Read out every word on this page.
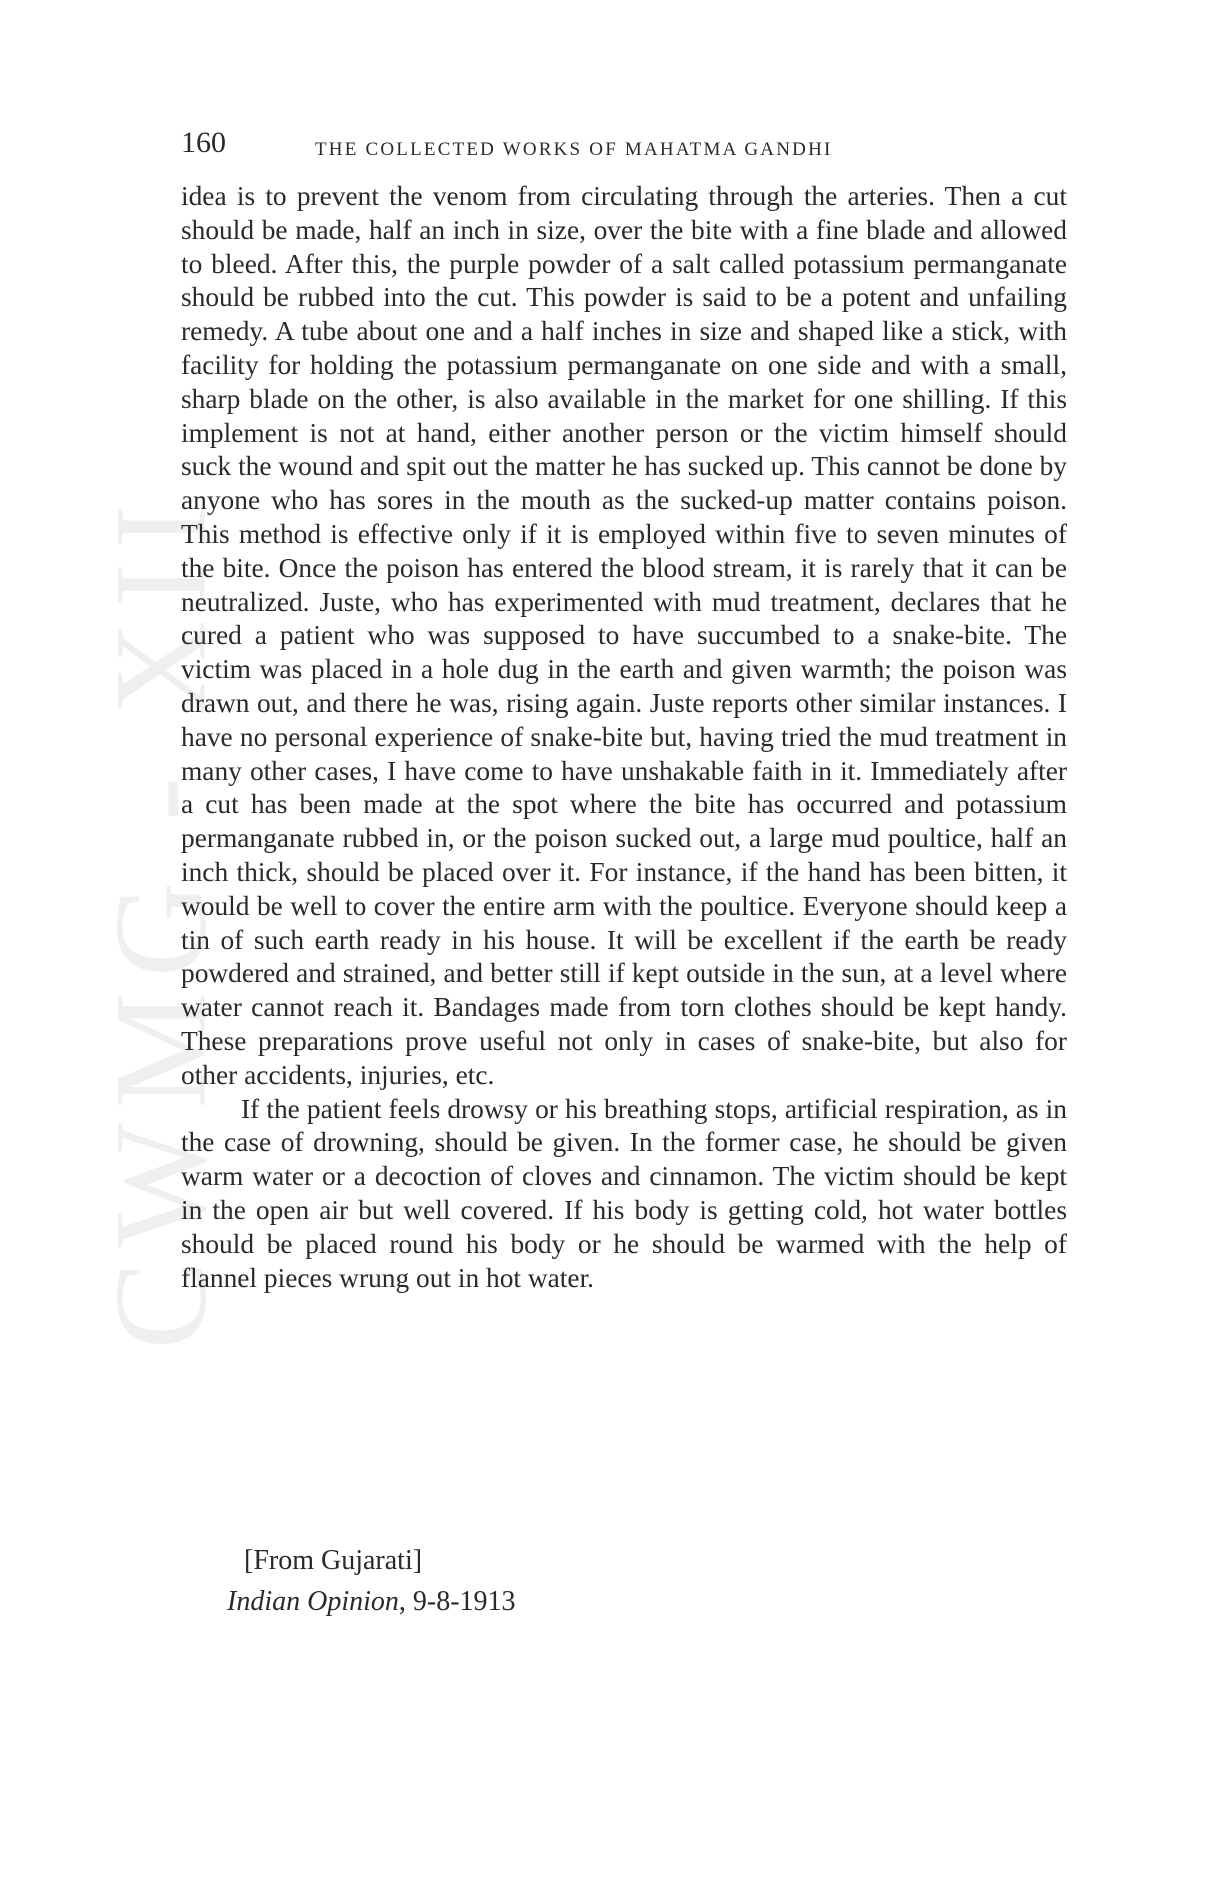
CWMG - XII
160	THE COLLECTED WORKS OF MAHATMA GANDHI

idea is to prevent the venom from circulating through the arteries. Then a cut should be made, half an inch in size, over the bite with a fine blade and allowed to bleed. After this, the purple powder of a salt called potassium permanganate should be rubbed into the cut. This powder is said to be a potent and unfailing remedy. A tube about one and a half inches in size and shaped like a stick, with facility for holding the potassium permanganate on one side and with a small, sharp blade on the other, is also available in the market for one shilling. If this implement is not at hand, either another person or the victim himself should suck the wound and spit out the matter he has sucked up. This cannot be done by anyone who has sores in the mouth as the sucked-up matter contains poison. This method is effective only if it is employed within five to seven minutes of the bite. Once the poison has entered the blood stream, it is rarely that it can be neutralized. Juste, who has experimented with mud treatment, declares that he cured a patient who was supposed to have succumbed to a snake-bite. The victim was placed in a hole dug in the earth and given warmth; the poison was drawn out, and there he was, rising again. Juste reports other similar instances. I have no personal experience of snake-bite but, having tried the mud treatment in many other cases, I have come to have unshakable faith in it. Immediately after a cut has been made at the spot where the bite has occurred and potassium permanganate rubbed in, or the poison sucked out, a large mud poultice, half an inch thick, should be placed over it. For instance, if the hand has been bitten, it would be well to cover the entire arm with the poultice. Everyone should keep a tin of such earth ready in his house. It will be excellent if the earth be ready powdered and strained, and better still if kept outside in the sun, at a level where water cannot reach it. Bandages made from torn clothes should be kept handy. These preparations prove useful not only in cases of snake-bite, but also for other accidents, injuries, etc.

If the patient feels drowsy or his breathing stops, artificial respiration, as in the case of drowning, should be given. In the former case, he should be given warm water or a decoction of cloves and cinnamon. The victim should be kept in the open air but well covered. If his body is getting cold, hot water bottles should be placed round his body or he should be warmed with the help of flannel pieces wrung out in hot water.

[From Gujarati]
Indian Opinion, 9-8-1913
